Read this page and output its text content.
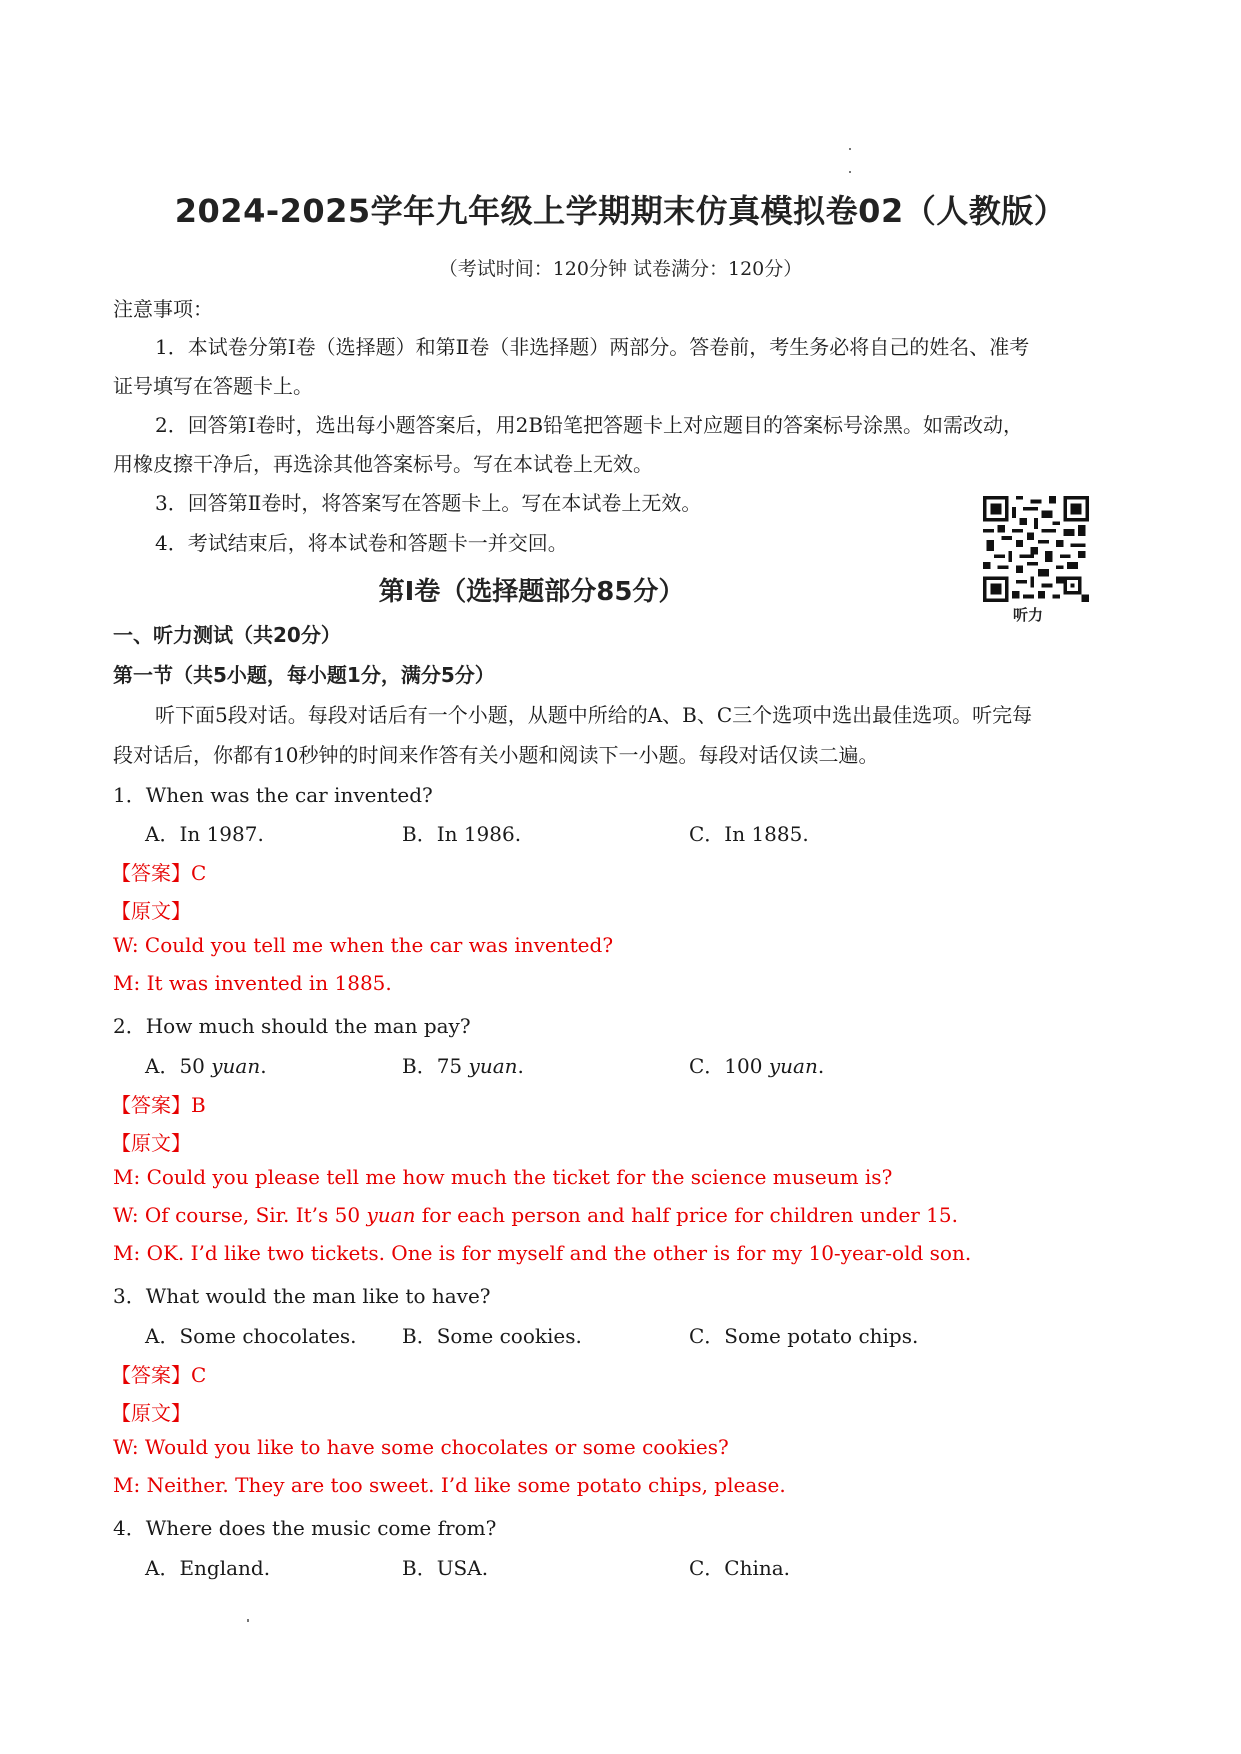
2024-2025学年九年级上学期期末仿真模拟卷02（人教版）
（考试时间：120分钟 试卷满分：120分）
注意事项：
1．本试卷分第Ⅰ卷（选择题）和第Ⅱ卷（非选择题）两部分。答卷前，考生务必将自己的姓名、准考
证号填写在答题卡上。
2．回答第Ⅰ卷时，选出每小题答案后，用2B铅笔把答题卡上对应题目的答案标号涂黑。如需改动，
用橡皮擦干净后，再选涂其他答案标号。写在本试卷上无效。
3．回答第Ⅱ卷时，将答案写在答题卡上。写在本试卷上无效。
4．考试结束后，将本试卷和答题卡一并交回。
听力
第Ⅰ卷（选择题部分85分）
一、听力测试（共20分）
第一节（共5小题，每小题1分，满分5分）
听下面5段对话。每段对话后有一个小题，从题中所给的A、B、C三个选项中选出最佳选项。听完每
段对话后，你都有10秒钟的时间来作答有关小题和阅读下一小题。每段对话仅读二遍。
1．When was the car invented?
A．In 1987.	B．In 1986.	C．In 1885.
【答案】C
【原文】
W: Could you tell me when the car was invented?
M: It was invented in 1885.
2．How much should the man pay?
A．50 yuan.	B．75 yuan.	C．100 yuan.
【答案】B
【原文】
M: Could you please tell me how much the ticket for the science museum is?
W: Of course, Sir. It’s 50 yuan for each person and half price for children under 15.
M: OK. I’d like two tickets. One is for myself and the other is for my 10-year-old son.
3．What would the man like to have?
A．Some chocolates. B．Some cookies.	C．Some potato chips.
【答案】C
【原文】
W: Would you like to have some chocolates or some cookies?
M: Neither. They are too sweet. I’d like some potato chips, please.
4．Where does the music come from?
A．England.	B．USA.	C．China.
